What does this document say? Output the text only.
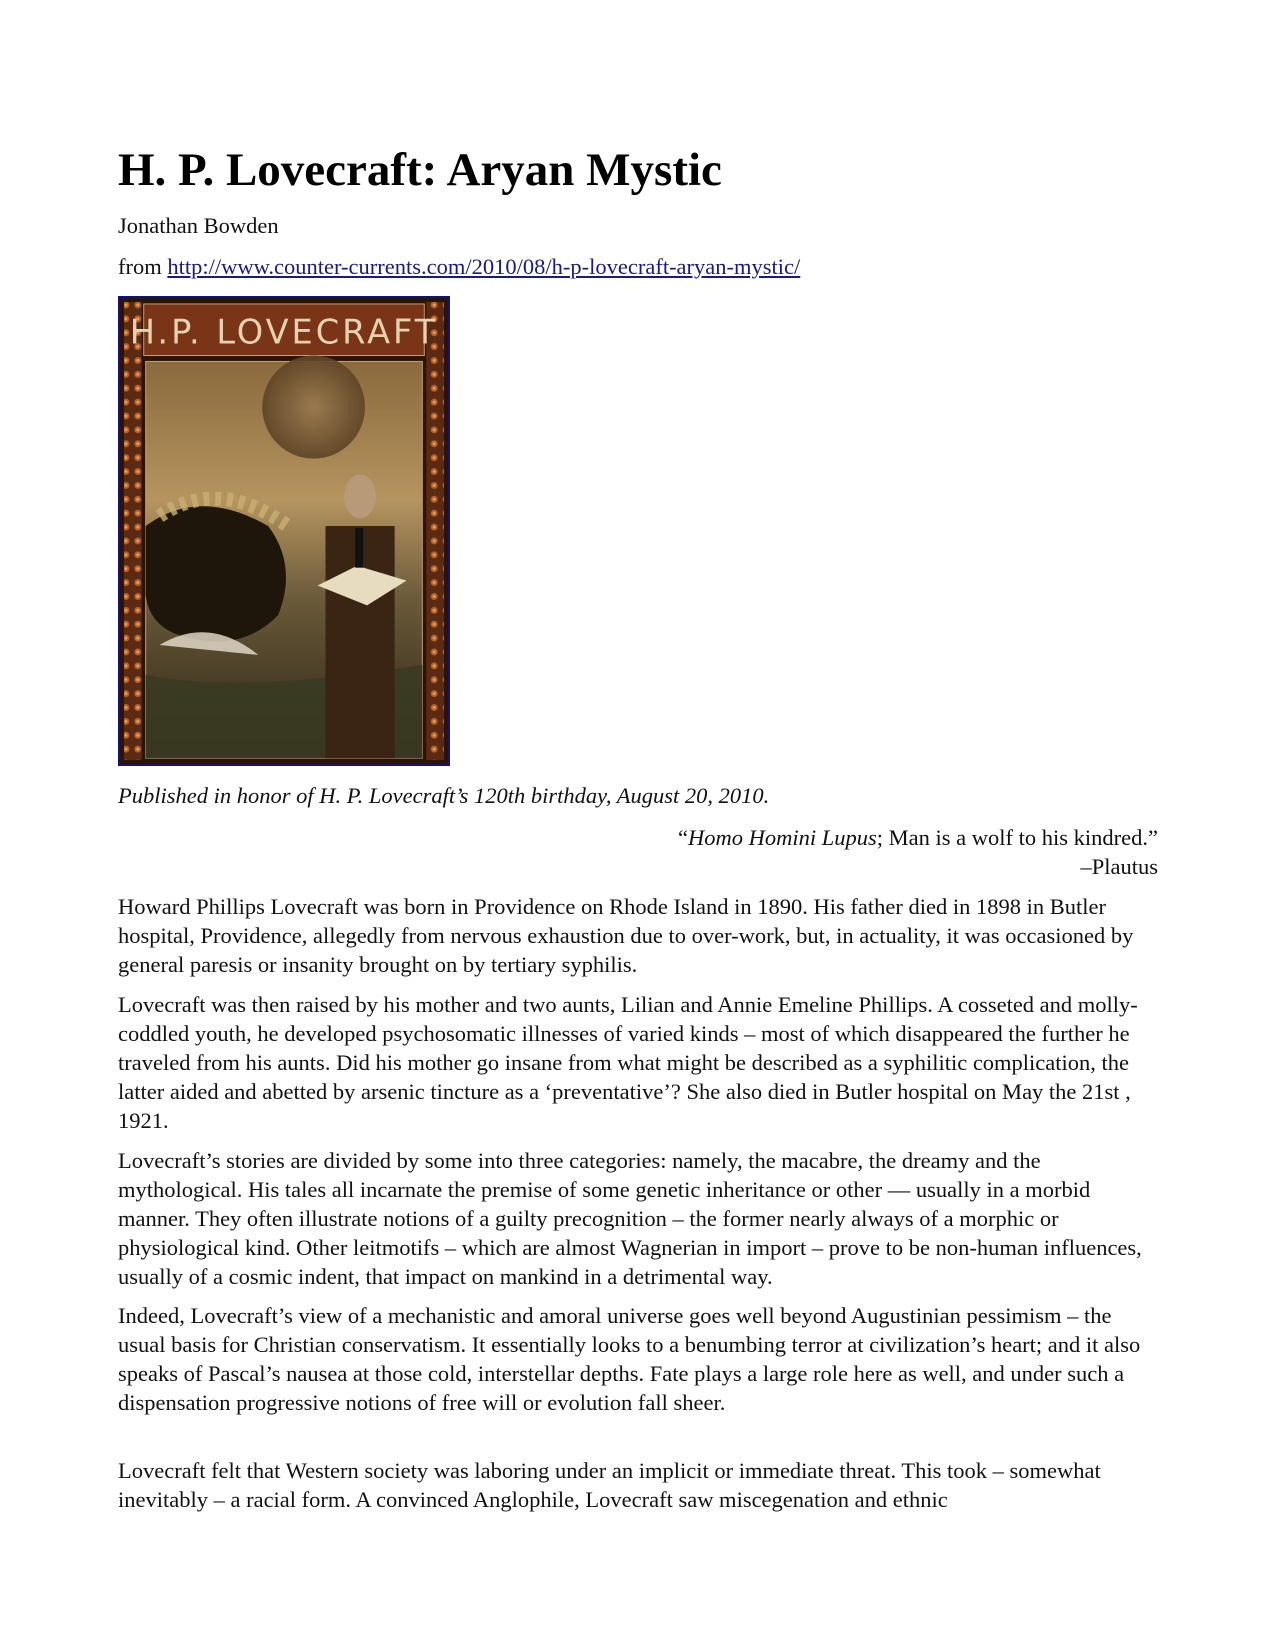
H. P. Lovecraft: Aryan Mystic
Jonathan Bowden
from http://www.counter-currents.com/2010/08/h-p-lovecraft-aryan-mystic/
H.P. LOVECRAFT
Published in honor of H. P. Lovecraft’s 120th birthday, August 20, 2010.
“Homo Homini Lupus; Man is a wolf to his kindred.”
–Plautus

Howard Phillips Lovecraft was born in Providence on Rhode Island in 1890. His father died in 1898 in Butler hospital, Providence, allegedly from nervous exhaustion due to over-work, but, in actuality, it was occasioned by general paresis or insanity brought on by tertiary syphilis.

Lovecraft was then raised by his mother and two aunts, Lilian and Annie Emeline Phillips. A cosseted and molly-coddled youth, he developed psychosomatic illnesses of varied kinds – most of which disappeared the further he traveled from his aunts. Did his mother go insane from what might be described as a syphilitic complication, the latter aided and abetted by arsenic tincture as a ‘preventative’? She also died in Butler hospital on May the 21st , 1921.

Lovecraft’s stories are divided by some into three categories: namely, the macabre, the dreamy and the mythological. His tales all incarnate the premise of some genetic inheritance or other — usually in a morbid manner. They often illustrate notions of a guilty precognition – the former nearly always of a morphic or physiological kind. Other leitmotifs – which are almost Wagnerian in import – prove to be non-human influences, usually of a cosmic indent, that impact on mankind in a detrimental way.

Indeed, Lovecraft’s view of a mechanistic and amoral universe goes well beyond Augustinian pessimism – the usual basis for Christian conservatism. It essentially looks to a benumbing terror at civilization’s heart; and it also speaks of Pascal’s nausea at those cold, interstellar depths. Fate plays a large role here as well, and under such a dispensation progressive notions of free will or evolution fall sheer.

Lovecraft felt that Western society was laboring under an implicit or immediate threat. This took – somewhat inevitably – a racial form. A convinced Anglophile, Lovecraft saw miscegenation and ethnic
